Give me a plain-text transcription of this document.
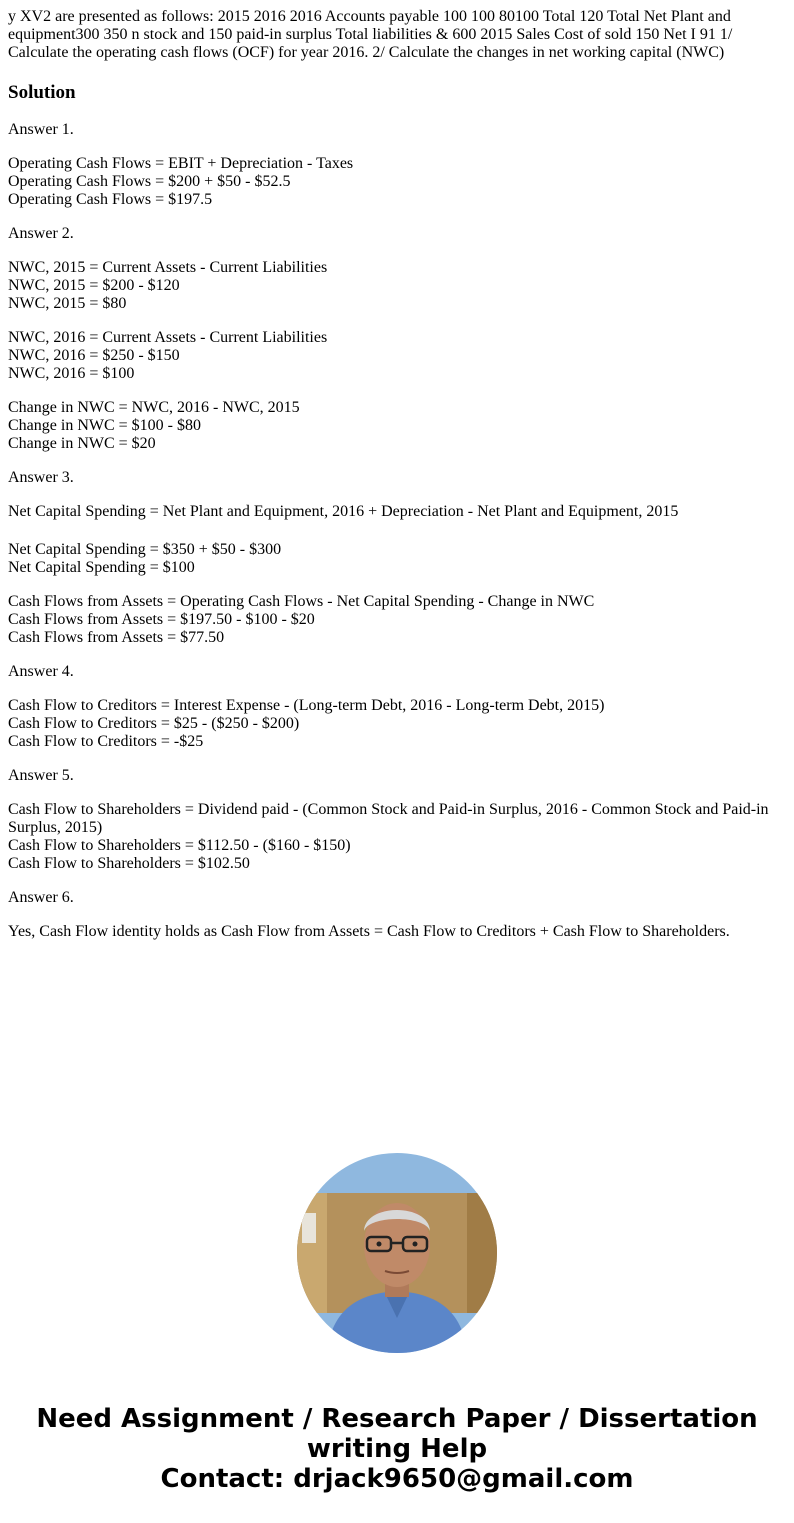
y XV2 are presented as follows: 2015 2016 2016 Accounts payable 100 100 80100 Total 120 Total Net Plant and equipment300 350 n stock and 150 paid-in surplus Total liabilities & 600 2015 Sales Cost of sold 150 Net I 91 1/ Calculate the operating cash flows (OCF) for year 2016. 2/ Calculate the changes in net working capital (NWC)

Solution

Answer 1.

Operating Cash Flows = EBIT + Depreciation - Taxes
Operating Cash Flows = $200 + $50 - $52.5
Operating Cash Flows = $197.5

Answer 2.

NWC, 2015 = Current Assets - Current Liabilities
NWC, 2015 = $200 - $120
NWC, 2015 = $80

NWC, 2016 = Current Assets - Current Liabilities
NWC, 2016 = $250 - $150
NWC, 2016 = $100

Change in NWC = NWC, 2016 - NWC, 2015
Change in NWC = $100 - $80
Change in NWC = $20

Answer 3.

Net Capital Spending = Net Plant and Equipment, 2016 + Depreciation - Net Plant and Equipment, 2015

Net Capital Spending = $350 + $50 - $300
Net Capital Spending = $100

Cash Flows from Assets = Operating Cash Flows - Net Capital Spending - Change in NWC
Cash Flows from Assets = $197.50 - $100 - $20
Cash Flows from Assets = $77.50

Answer 4.

Cash Flow to Creditors = Interest Expense - (Long-term Debt, 2016 - Long-term Debt, 2015)
Cash Flow to Creditors = $25 - ($250 - $200)
Cash Flow to Creditors = -$25

Answer 5.

Cash Flow to Shareholders = Dividend paid - (Common Stock and Paid-in Surplus, 2016 - Common Stock and Paid-in Surplus, 2015)
Cash Flow to Shareholders = $112.50 - ($160 - $150)
Cash Flow to Shareholders = $102.50

Answer 6.

Yes, Cash Flow identity holds as Cash Flow from Assets = Cash Flow to Creditors + Cash Flow to Shareholders.

Need Assignment / Research Paper / Dissertation
writing Help
Contact: drjack9650@gmail.com
